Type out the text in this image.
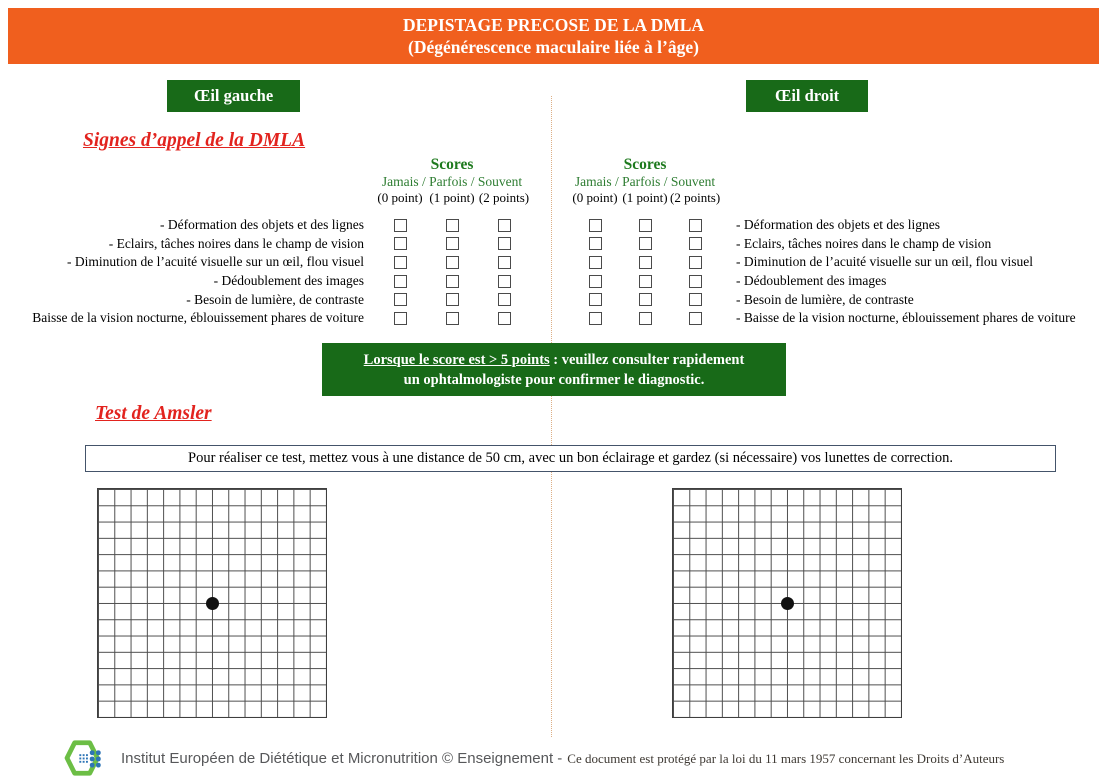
DEPISTAGE PRECOSE DE LA DMLA
(Dégénérescence maculaire liée à l’âge)
Œil gauche	Œil droit
Signes d’appel de la DMLA
Scores
Jamais / Parfois / Souvent
(0 point) (1 point) (2 points)
Scores
Jamais / Parfois / Souvent
(0 point) (1 point) (2 points)
- Déformation des objets et des lignes
- Eclairs, tâches noires dans le champ de vision
- Diminution de l’acuité visuelle sur un œil, flou visuel
- Dédoublement des images
- Besoin de lumière, de contraste
Baisse de la vision nocturne, éblouissement phares de voiture
- Déformation des objets et des lignes
- Eclairs, tâches noires dans le champ de vision
- Diminution de l’acuité visuelle sur un œil, flou visuel
- Dédoublement des images
- Besoin de lumière, de contraste
- Baisse de la vision nocturne, éblouissement phares de voiture
Lorsque le score est > 5 points : veuillez consulter rapidement
un ophtalmologiste pour confirmer le diagnostic.
Test de Amsler
Pour réaliser ce test, mettez vous à une distance de 50 cm, avec un bon éclairage et gardez (si nécessaire) vos lunettes de correction.
Institut Européen de Diététique et Micronutrition © Enseignement - Ce document est protégé par la loi du 11 mars 1957 concernant les Droits d’Auteurs
